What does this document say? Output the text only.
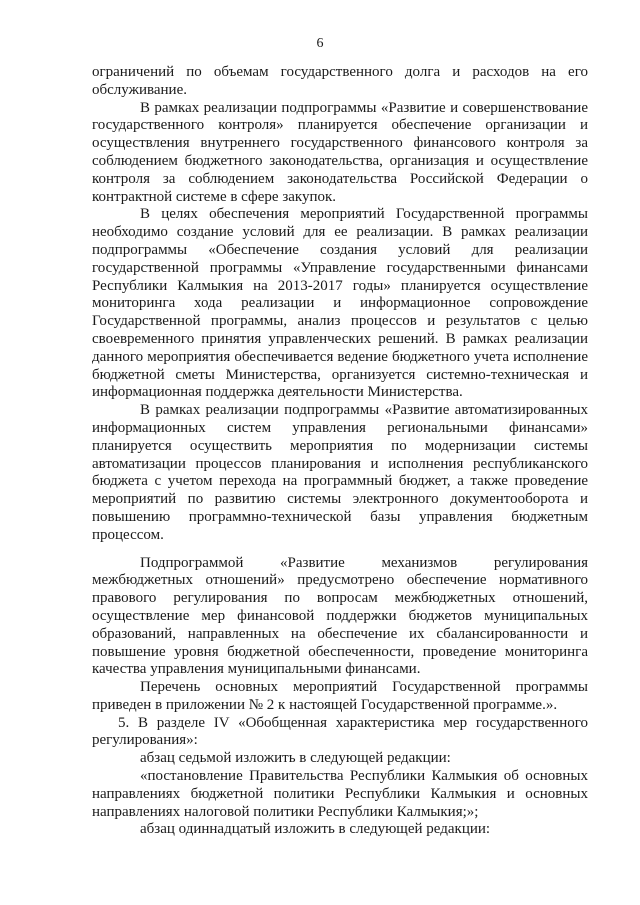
6

ограничений по объемам государственного долга и расходов на его обслуживание.

В рамках реализации подпрограммы «Развитие и совершенствование государственного контроля» планируется обеспечение организации и осуществления внутреннего государственного финансового контроля за соблюдением бюджетного законодательства, организация и осуществление контроля за соблюдением законодательства Российской Федерации о контрактной системе в сфере закупок.

В целях обеспечения мероприятий Государственной программы необходимо создание условий для ее реализации. В рамках реализации подпрограммы «Обеспечение создания условий для реализации государственной программы «Управление государственными финансами Республики Калмыкия на 2013-2017 годы» планируется осуществление мониторинга хода реализации и информационное сопровождение Государственной программы, анализ процессов и результатов с целью своевременного принятия управленческих решений. В рамках реализации данного мероприятия обеспечивается ведение бюджетного учета исполнение бюджетной сметы Министерства, организуется системно-техническая и информационная поддержка деятельности Министерства.

В рамках реализации подпрограммы «Развитие автоматизированных информационных систем управления региональными финансами» планируется осуществить мероприятия по модернизации системы автоматизации процессов планирования и исполнения республиканского бюджета с учетом перехода на программный бюджет, а также проведение мероприятий по развитию системы электронного документооборота и повышению программно-технической базы управления бюджетным процессом.

Подпрограммой «Развитие механизмов регулирования межбюджетных отношений» предусмотрено обеспечение нормативного правового регулирования по вопросам межбюджетных отношений, осуществление мер финансовой поддержки бюджетов муниципальных образований, направленных на обеспечение их сбалансированности и повышение уровня бюджетной обеспеченности, проведение мониторинга качества управления муниципальными финансами.

Перечень основных мероприятий Государственной программы приведен в приложении № 2 к настоящей Государственной программе.».

5. В разделе IV «Обобщенная характеристика мер государственного регулирования»:

абзац седьмой изложить в следующей редакции:

«постановление Правительства Республики Калмыкия об основных направлениях бюджетной политики Республики Калмыкия и основных направлениях налоговой политики Республики Калмыкия;»;

абзац одиннадцатый изложить в следующей редакции:
